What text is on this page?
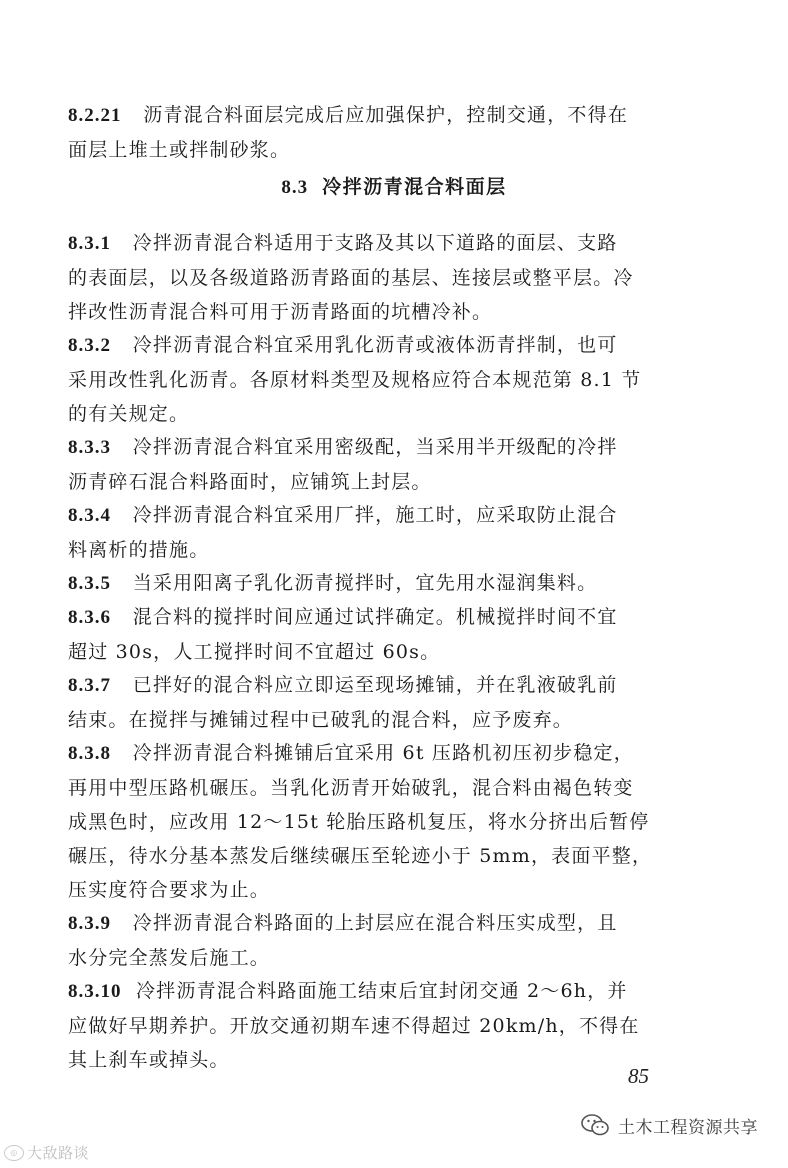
8.2.21 沥青混合料面层完成后应加强保护，控制交通，不得在
面层上堆土或拌制砂浆。
8.3 冷拌沥青混合料面层
8.3.1 冷拌沥青混合料适用于支路及其以下道路的面层、支路
的表面层，以及各级道路沥青路面的基层、连接层或整平层。冷
拌改性沥青混合料可用于沥青路面的坑槽冷补。
8.3.2 冷拌沥青混合料宜采用乳化沥青或液体沥青拌制，也可
采用改性乳化沥青。各原材料类型及规格应符合本规范第 8.1 节
的有关规定。
8.3.3 冷拌沥青混合料宜采用密级配，当采用半开级配的冷拌
沥青碎石混合料路面时，应铺筑上封层。
8.3.4 冷拌沥青混合料宜采用厂拌，施工时，应采取防止混合
料离析的措施。
8.3.5 当采用阳离子乳化沥青搅拌时，宜先用水湿润集料。
8.3.6 混合料的搅拌时间应通过试拌确定。机械搅拌时间不宜
超过 30s，人工搅拌时间不宜超过 60s。
8.3.7 已拌好的混合料应立即运至现场摊铺，并在乳液破乳前
结束。在搅拌与摊铺过程中已破乳的混合料，应予废弃。
8.3.8 冷拌沥青混合料摊铺后宜采用 6t 压路机初压初步稳定，
再用中型压路机碾压。当乳化沥青开始破乳，混合料由褐色转变
成黑色时，应改用 12～15t 轮胎压路机复压，将水分挤出后暂停
碾压，待水分基本蒸发后继续碾压至轮迹小于 5mm，表面平整，
压实度符合要求为止。
8.3.9 冷拌沥青混合料路面的上封层应在混合料压实成型，且
水分完全蒸发后施工。
8.3.10 冷拌沥青混合料路面施工结束后宜封闭交通 2～6h，并
应做好早期养护。开放交通初期车速不得超过 20km/h，不得在
其上刹车或掉头。
85
◎ 大敌路谈
土木工程资源共享
